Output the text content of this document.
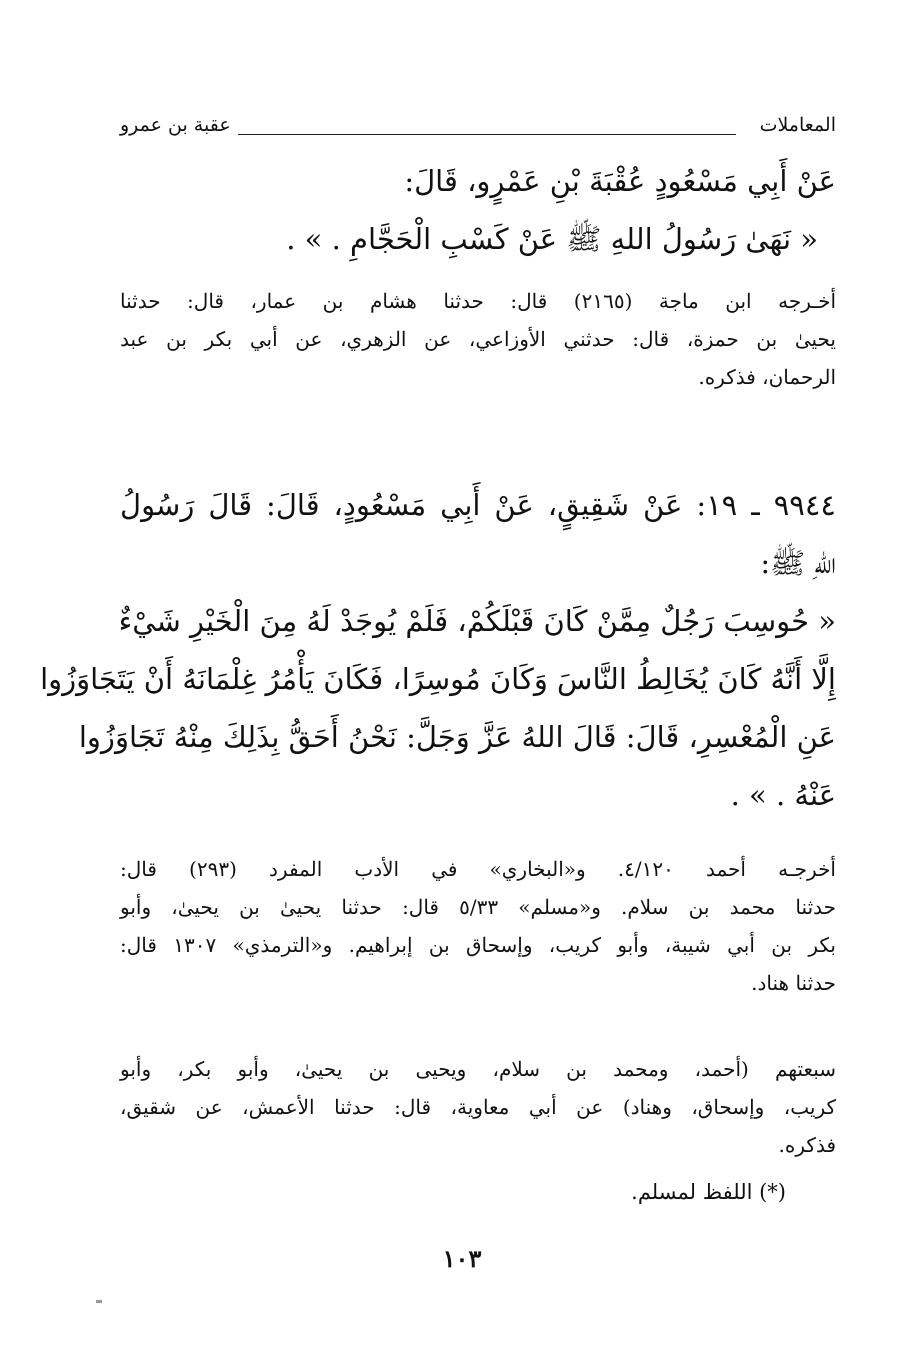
المعاملات
عقبة بن عمرو
عَنْ أَبِي مَسْعُودٍ عُقْبَةَ بْنِ عَمْرٍو، قَالَ:
« نَهَىٰ رَسُولُ اللهِ ﷺ عَنْ كَسْبِ الْحَجَّامِ . » .
أخـرجه ابن ماجة (٢١٦٥) قال: حدثنا هشام بن عمار، قال: حدثنا
يحيىٰ بن حمزة، قال: حدثني الأوزاعي، عن الزهري، عن أبي بكر بن عبد
الرحمان، فذكره.
٩٩٤٤ ـ ١٩: عَنْ شَقِيقٍ، عَنْ أَبِي مَسْعُودٍ، قَالَ: قَالَ رَسُولُ
اللهِ ﷺ:
« حُوسِبَ رَجُلٌ مِمَّنْ كَانَ قَبْلَكُمْ، فَلَمْ يُوجَدْ لَهُ مِنَ الْخَيْرِ شَيْءٌ
إِلَّا أَنَّهُ كَانَ يُخَالِطُ النَّاسَ وَكَانَ مُوسِرًا، فَكَانَ يَأْمُرُ غِلْمَانَهُ أَنْ يَتَجَاوَزُوا
عَنِ الْمُعْسِرِ، قَالَ: قَالَ اللهُ عَزَّ وَجَلَّ: نَحْنُ أَحَقُّ بِذَلِكَ مِنْهُ تَجَاوَزُوا
عَنْهُ . » .
أخرجـه أحمد ٤/١٢٠. و«البخاري» في الأدب المفرد (٢٩٣) قال:
حدثنا محمد بن سلام. و«مسلم» ٥/٣٣ قال: حدثنا يحيىٰ بن يحيىٰ، وأبو
بكر بن أبي شيبة، وأبو كريب، وإسحاق بن إبراهيم. و«الترمذي» ١٣٠٧ قال:
حدثنا هناد.
سبعتهم (أحمد، ومحمد بن سلام، ويحيى بن يحيىٰ، وأبو بكر، وأبو
كريب، وإسحاق، وهناد) عن أبي معاوية، قال: حدثنا الأعمش، عن شقيق،
فذكره.
(*) اللفظ لمسلم.
١٠٣
